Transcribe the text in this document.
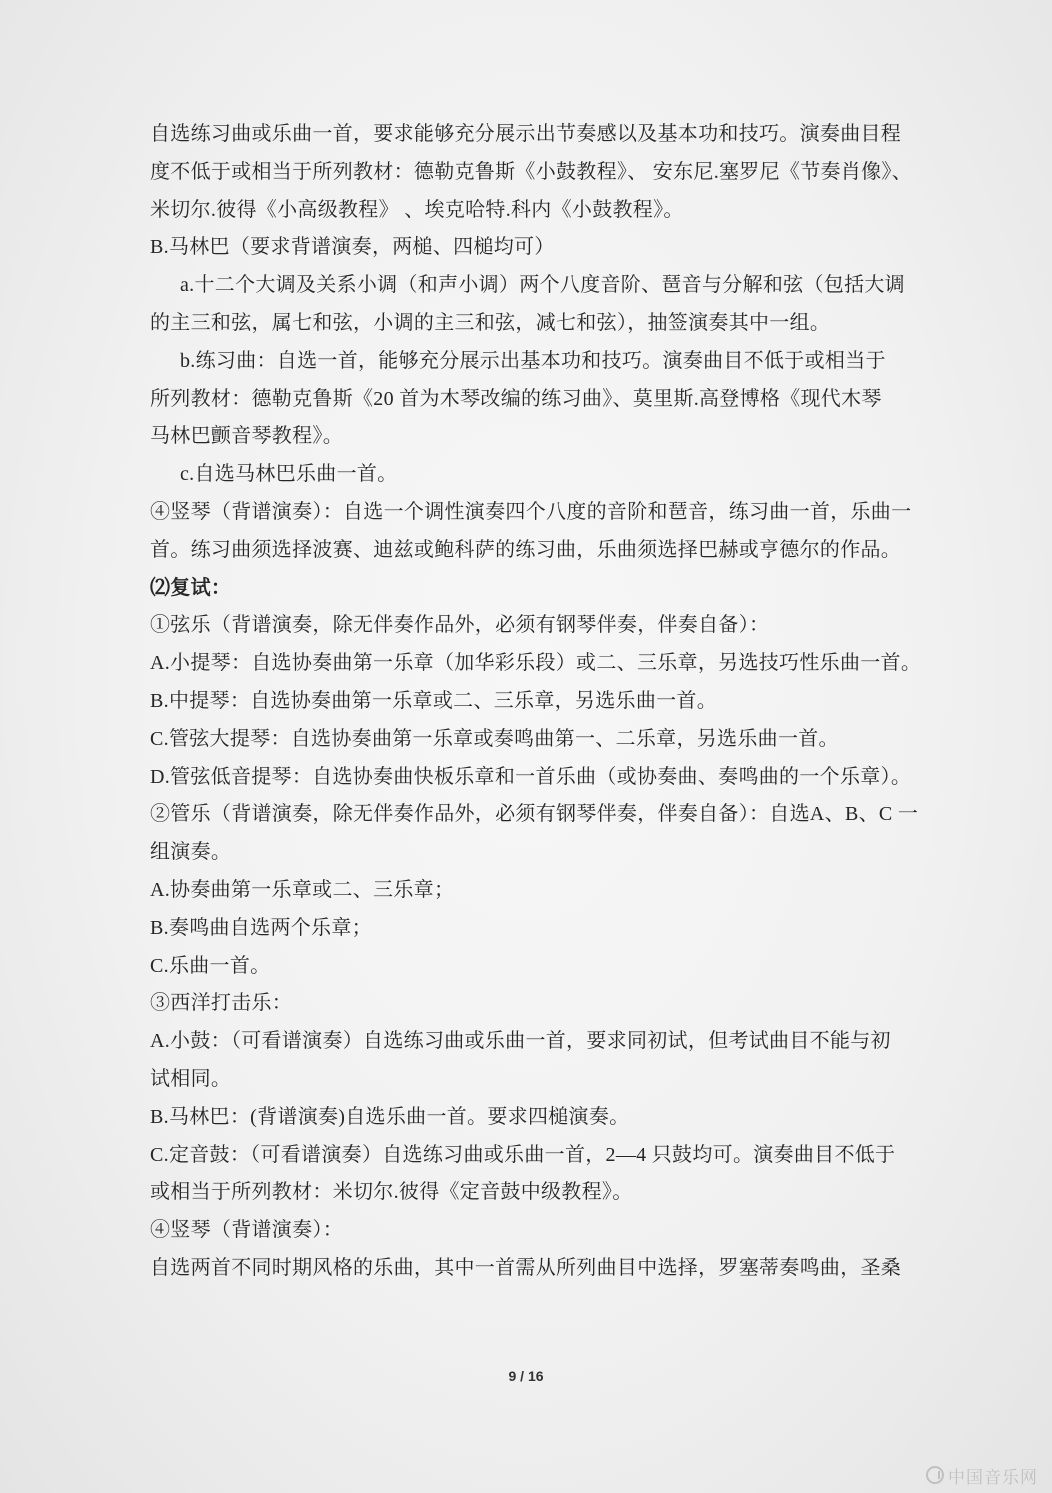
自选练习曲或乐曲一首，要求能够充分展示出节奏感以及基本功和技巧。演奏曲目程
度不低于或相当于所列教材：德勒克鲁斯《小鼓教程》、 安东尼.塞罗尼《节奏肖像》、
米切尔.彼得《小高级教程》 、埃克哈特.科内《小鼓教程》。
B.马林巴（要求背谱演奏，两槌、四槌均可）
a.十二个大调及关系小调（和声小调）两个八度音阶、琶音与分解和弦（包括大调
的主三和弦，属七和弦，小调的主三和弦，减七和弦），抽签演奏其中一组。
b.练习曲：自选一首，能够充分展示出基本功和技巧。演奏曲目不低于或相当于
所列教材：德勒克鲁斯《20 首为木琴改编的练习曲》、莫里斯.高登博格《现代木琴
马林巴颤音琴教程》。
c.自选马林巴乐曲一首。
④竖琴（背谱演奏）：自选一个调性演奏四个八度的音阶和琶音，练习曲一首，乐曲一
首。练习曲须选择波赛、迪兹或鲍科萨的练习曲，乐曲须选择巴赫或亨德尔的作品。
⑵复试：
①弦乐（背谱演奏，除无伴奏作品外，必须有钢琴伴奏，伴奏自备）：
A.小提琴：自选协奏曲第一乐章（加华彩乐段）或二、三乐章，另选技巧性乐曲一首。
B.中提琴：自选协奏曲第一乐章或二、三乐章，另选乐曲一首。
C.管弦大提琴：自选协奏曲第一乐章或奏鸣曲第一、二乐章，另选乐曲一首。
D.管弦低音提琴：自选协奏曲快板乐章和一首乐曲（或协奏曲、奏鸣曲的一个乐章）。
②管乐（背谱演奏，除无伴奏作品外，必须有钢琴伴奏，伴奏自备）：自选A、B、C 一
组演奏。
A.协奏曲第一乐章或二、三乐章；
B.奏鸣曲自选两个乐章；
C.乐曲一首。
③西洋打击乐：
A.小鼓：（可看谱演奏）自选练习曲或乐曲一首，要求同初试，但考试曲目不能与初
试相同。
B.马林巴：(背谱演奏)自选乐曲一首。要求四槌演奏。
C.定音鼓：（可看谱演奏）自选练习曲或乐曲一首，2—4 只鼓均可。演奏曲目不低于
或相当于所列教材：米切尔.彼得《定音鼓中级教程》。
④竖琴（背谱演奏）：
自选两首不同时期风格的乐曲，其中一首需从所列曲目中选择，罗塞蒂奏鸣曲，圣桑
9 / 16
中国音乐网
